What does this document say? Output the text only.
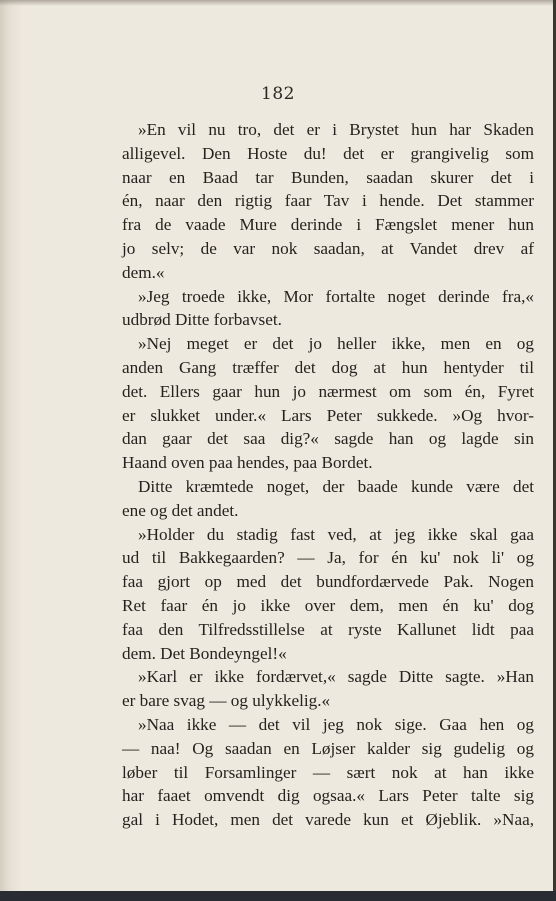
182
»En vil nu tro, det er i Brystet hun har Skaden
alligevel. Den Hoste du! det er grangivelig som
naar en Baad tar Bunden, saadan skurer det i
én, naar den rigtig faar Tav i hende. Det stammer
fra de vaade Mure derinde i Fængslet mener hun
jo selv; de var nok saadan, at Vandet drev af
dem.«
»Jeg troede ikke, Mor fortalte noget derinde fra,«
udbrød Ditte forbavset.
»Nej meget er det jo heller ikke, men en og
anden Gang træffer det dog at hun hentyder til
det. Ellers gaar hun jo nærmest om som én, Fyret
er slukket under.« Lars Peter sukkede. »Og hvor-
dan gaar det saa dig?« sagde han og lagde sin
Haand oven paa hendes, paa Bordet.
Ditte kræmtede noget, der baade kunde være det
ene og det andet.
»Holder du stadig fast ved, at jeg ikke skal gaa
ud til Bakkegaarden? — Ja, for én ku' nok li' og
faa gjort op med det bundfordærvede Pak. Nogen
Ret faar én jo ikke over dem, men én ku' dog
faa den Tilfredsstillelse at ryste Kallunet lidt paa
dem. Det Bondeyngel!«
»Karl er ikke fordærvet,« sagde Ditte sagte. »Han
er bare svag — og ulykkelig.«
»Naa ikke — det vil jeg nok sige. Gaa hen og
— naa! Og saadan en Løjser kalder sig gudelig og
løber til Forsamlinger — sært nok at han ikke
har faaet omvendt dig ogsaa.« Lars Peter talte sig
gal i Hodet, men det varede kun et Øjeblik. »Naa,
